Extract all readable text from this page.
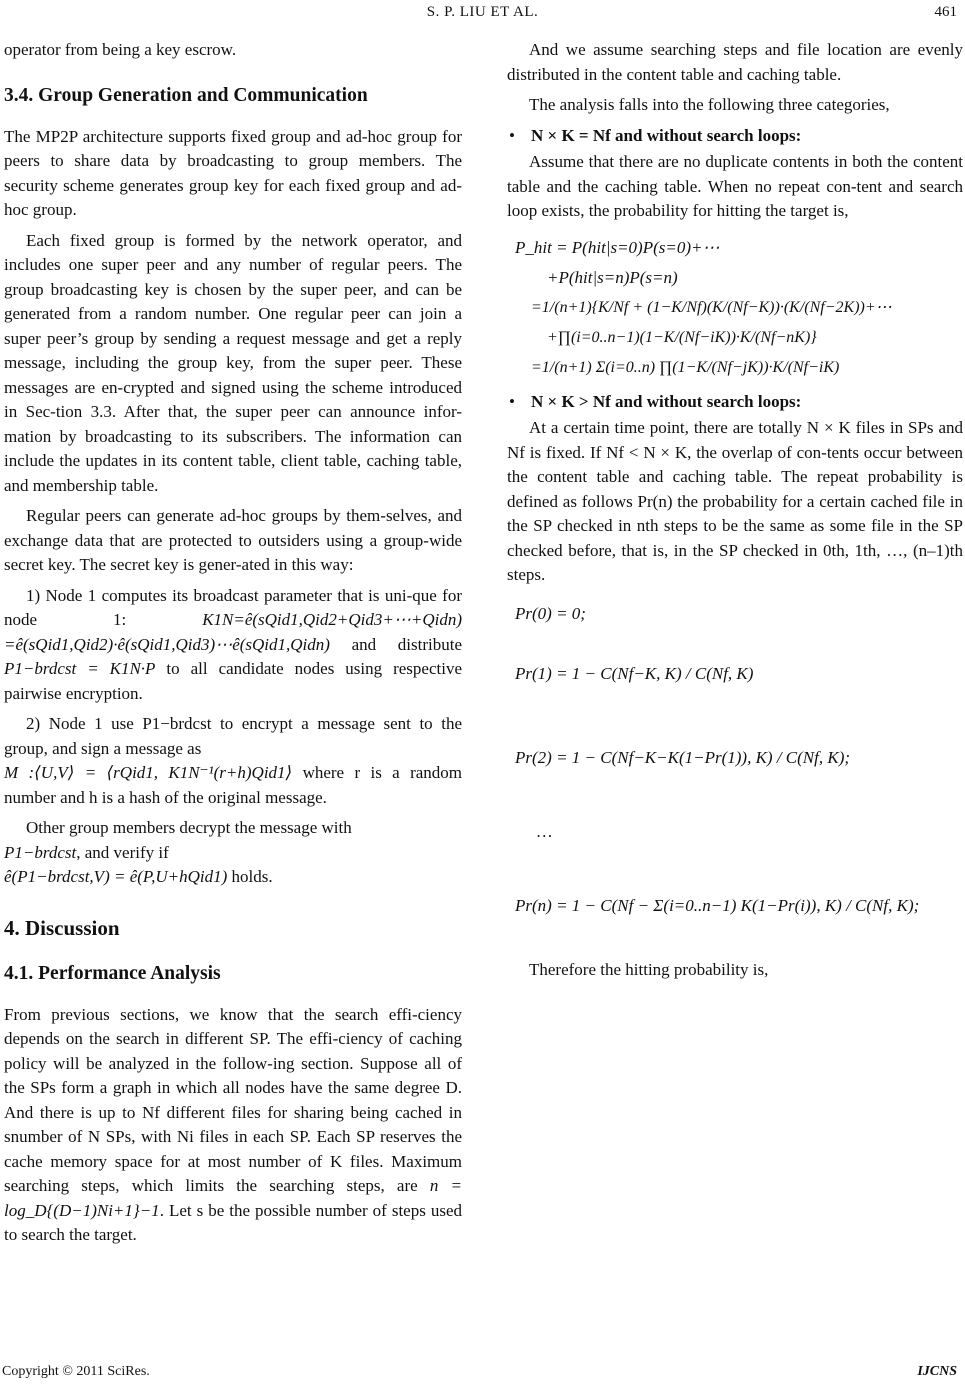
S. P. LIU ET AL.	461

operator from being a key escrow.

3.4. Group Generation and Communication

The MP2P architecture supports fixed group and ad-hoc group for peers to share data by broadcasting to group members. The security scheme generates group key for each fixed group and ad-hoc group.

Each fixed group is formed by the network operator, and includes one super peer and any number of regular peers. The group broadcasting key is chosen by the super peer, and can be generated from a random number. One regular peer can join a super peer’s group by sending a request message and get a reply message, including the group key, from the super peer. These messages are en-crypted and signed using the scheme introduced in Sec-tion 3.3. After that, the super peer can announce infor-mation by broadcasting to its subscribers. The information can include the updates in its content table, client table, caching table, and membership table.

Regular peers can generate ad-hoc groups by them-selves, and exchange data that are protected to outsiders using a group-wide secret key. The secret key is gener-ated in this way:

1) Node 1 computes its broadcast parameter that is uni-que for node 1:	K1N=ê(sQid1,Qid2+Qid3+⋯+Qidn) =ê(sQid1,Qid2)·ê(sQid1,Qid3)⋯ê(sQid1,Qidn) and distribute P1−brdcst = K1N·P to all candidate nodes using respective pairwise encryption.

2) Node 1 use P1−brdcst to encrypt a message sent to the group, and sign a message as
M :⟨U,V⟩ = ⟨rQid1, K1N⁻¹(r+h)Qid1⟩ where r is a random number and h is a hash of the original message.

Other group members decrypt the message with
P1−brdcst, and verify if
ê(P1−brdcst,V) = ê(P,U+hQid1) holds.

4. Discussion
4.1. Performance Analysis

From previous sections, we know that the search effi-ciency depends on the search in different SP. The effi-ciency of caching policy will be analyzed in the follow-ing section. Suppose all of the SPs form a graph in which all nodes have the same degree D. And there is up to Nf different files for sharing being cached in snumber of N SPs, with Ni files in each SP. Each SP reserves the cache memory space for at most number of K files. Maximum searching steps, which limits the searching steps, are n = log_D{(D−1)Ni+1}−1. Let s be the possible number of steps used to search the target.

And we assume searching steps and file location are evenly distributed in the content table and caching table.

The analysis falls into the following three categories,

• N × K = Nf and without search loops:

Assume that there are no duplicate contents in both the content table and the caching table. When no repeat con-tent and search loop exists, the probability for hitting the target is,

P_hit = P(hit|s=0)P(s=0)+⋯
+P(hit|s=n)P(s=n)
=1/(n+1){K/Nf + (1−K/Nf)(K/(Nf−K))·(K/(Nf−2K))+⋯
+∏(i=0..n−1)(1−K/(Nf−iK))·K/(Nf−nK)}
=1/(n+1) Σ(i=0..n) ∏(1−K/(Nf−jK))·K/(Nf−iK)
• N × K > Nf and without search loops:

At a certain time point, there are totally N × K files in SPs and Nf is fixed. If Nf < N × K, the overlap of con-tents occur between the content table and caching table. The repeat probability is defined as follows Pr(n) the probability for a certain cached file in the SP checked in nth steps to be the same as some file in the SP checked before, that is, in the SP checked in 0th, 1th, …, (n–1)th steps.

Pr(0) = 0;
Pr(1) = 1 − C(Nf−K, K) / C(Nf, K)
Pr(2) = 1 − C(Nf−K−K(1−Pr(1)), K) / C(Nf, K);
…
Pr(n) = 1 − C(Nf − Σ(i=0..n−1) K(1−Pr(i)), K) / C(Nf, K);

Therefore the hitting probability is,

Copyright © 2011 SciRes.	IJCNS
